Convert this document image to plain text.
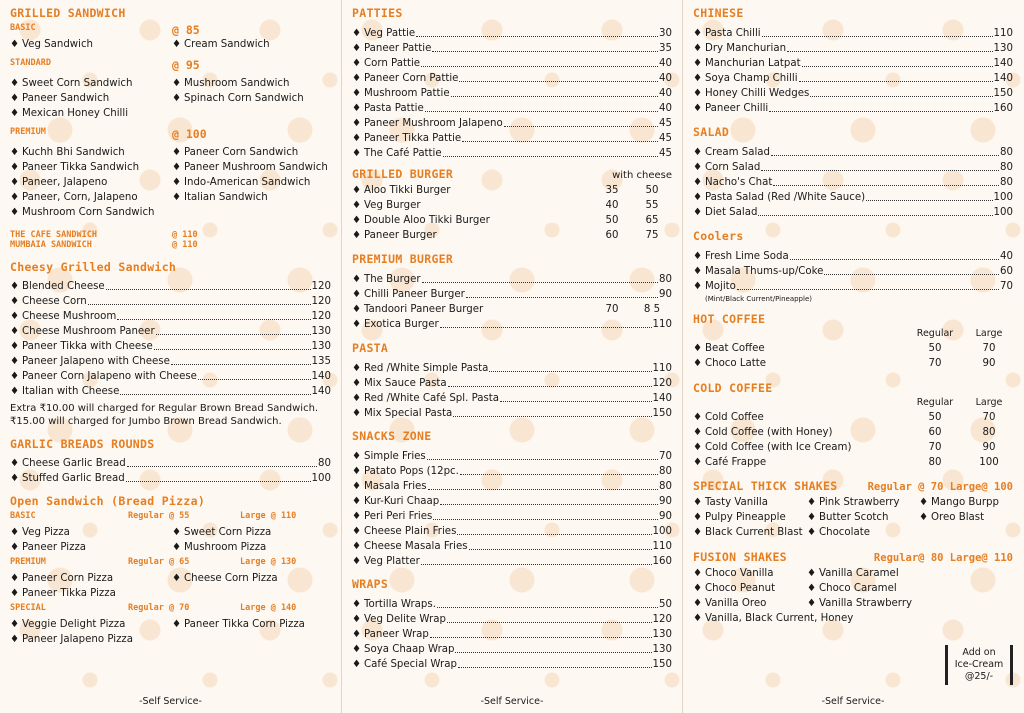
GRILLED SANDWICH
BASIC	@ 85
♦ Veg Sandwich	♦ Cream Sandwich
STANDARD	@ 95
♦ Sweet Corn Sandwich	♦ Mushroom Sandwich
♦ Paneer Sandwich	♦ Spinach Corn Sandwich
♦ Mexican Honey Chilli
PREMIUM	@ 100
♦ Kuchh Bhi Sandwich	♦ Paneer Corn Sandwich
♦ Paneer Tikka Sandwich	♦ Paneer Mushroom Sandwich
♦ Paneer, Jalapeno	♦ Indo-American Sandwich
♦ Paneer, Corn, Jalapeno	♦ Italian Sandwich
♦ Mushroom Corn Sandwich
THE CAFE SANDWICH	@ 110
MUMBAIA SANDWICH	@ 110
Cheesy Grilled Sandwich
♦ Blended Cheese	120
♦ Cheese Corn	120
♦ Cheese Mushroom	120
♦ Cheese Mushroom Paneer	130
♦ Paneer Tikka with Cheese	130
♦ Paneer Jalapeno with Cheese	135
♦ Paneer Corn Jalapeno with Cheese	140
♦ Italian with Cheese	140
Extra ₹10.00 will charged for Regular Brown Bread Sandwich.
₹15.00 will charged for Jumbo Brown Bread Sandwich.
GARLIC BREADS ROUNDS
♦ Cheese Garlic Bread	80
♦ Stuffed Garlic Bread	100
Open Sandwich (Bread Pizza)
BASIC	Regular @ 55	Large @ 110
♦ Veg Pizza	♦ Sweet Corn Pizza
♦ Paneer Pizza	♦ Mushroom Pizza
PREMIUM	Regular @ 65	Large @ 130
♦ Paneer Corn Pizza	♦ Cheese Corn Pizza
♦ Paneer Tikka Pizza
SPECIAL	Regular @ 70	Large @ 140
♦ Veggie Delight Pizza	♦ Paneer Tikka Corn Pizza
♦ Paneer Jalapeno Pizza
-Self Service-
PATTIES
♦ Veg Pattie	30
♦ Paneer Pattie	35
♦ Corn Pattie	40
♦ Paneer Corn Pattie	40
♦ Mushroom Pattie	40
♦ Pasta Pattie	40
♦ Paneer Mushroom Jalapeno	45
♦ Paneer Tikka Pattie	45
♦ The Café Pattie	45
GRILLED BURGER	with cheese
♦ Aloo Tikki Burger	35	50
♦ Veg Burger	40	55
♦ Double Aloo Tikki Burger	50	65
♦ Paneer Burger	60	75
PREMIUM BURGER
♦ The Burger	80
♦ Chilli Paneer Burger	90
♦ Tandoori Paneer Burger	70	8 5
♦ Exotica Burger	110
PASTA
♦ Red /White Simple Pasta	110
♦ Mix Sauce Pasta	120
♦ Red /White Café Spl. Pasta	140
♦ Mix Special Pasta	150
SNACKS ZONE
♦ Simple Fries	70
♦ Patato Pops (12pc.	80
♦ Masala Fries	80
♦ Kur-Kuri Chaap	90
♦ Peri Peri Fries	90
♦ Cheese Plain Fries	100
♦ Cheese Masala Fries	110
♦ Veg Platter	160
WRAPS
♦ Tortilla Wraps.	50
♦ Veg Delite Wrap	120
♦ Paneer Wrap	130
♦ Soya Chaap Wrap	130
♦ Café Special Wrap	150
-Self Service-
CHINESE
♦ Pasta Chilli	110
♦ Dry Manchurian	130
♦ Manchurian Latpat	140
♦ Soya Champ Chilli	140
♦ Honey Chilli Wedges	150
♦ Paneer Chilli	160
SALAD
♦ Cream Salad	80
♦ Corn Salad	80
♦ Nacho's Chat	80
♦ Pasta Salad (Red /White Sauce)	100
♦ Diet Salad	100
Coolers
♦ Fresh Lime Soda	40
♦ Masala Thums-up/Coke	60
♦ Mojito	70
(Mint/Black Current/Pineapple)
HOT COFFEE
Regular	Large
♦ Beat Coffee	50	70
♦ Choco Latte	70	90
COLD COFFEE
Regular	Large
♦ Cold Coffee	50	70
♦ Cold Coffee (with Honey)	60	80
♦ Cold Coffee (with Ice Cream)	70	90
♦ Café Frappe	80	100
SPECIAL THICK SHAKES	Regular @ 70 Large@ 100
♦ Tasty Vanilla	♦ Pink Strawberry ♦ Mango Burpp
♦ Pulpy Pineapple ♦ Butter Scotch	♦ Oreo Blast
♦ Black Current Blast ♦ Chocolate
FUSION SHAKES	Regular@ 80 Large@ 110
♦ Choco Vanilla	♦ Vanilla Caramel
♦ Choco Peanut	♦ Choco Caramel
♦ Vanilla Oreo	♦ Vanilla Strawberry
♦ Vanilla, Black Current, Honey
Add on
Ice-Cream
@25/-
-Self Service-
